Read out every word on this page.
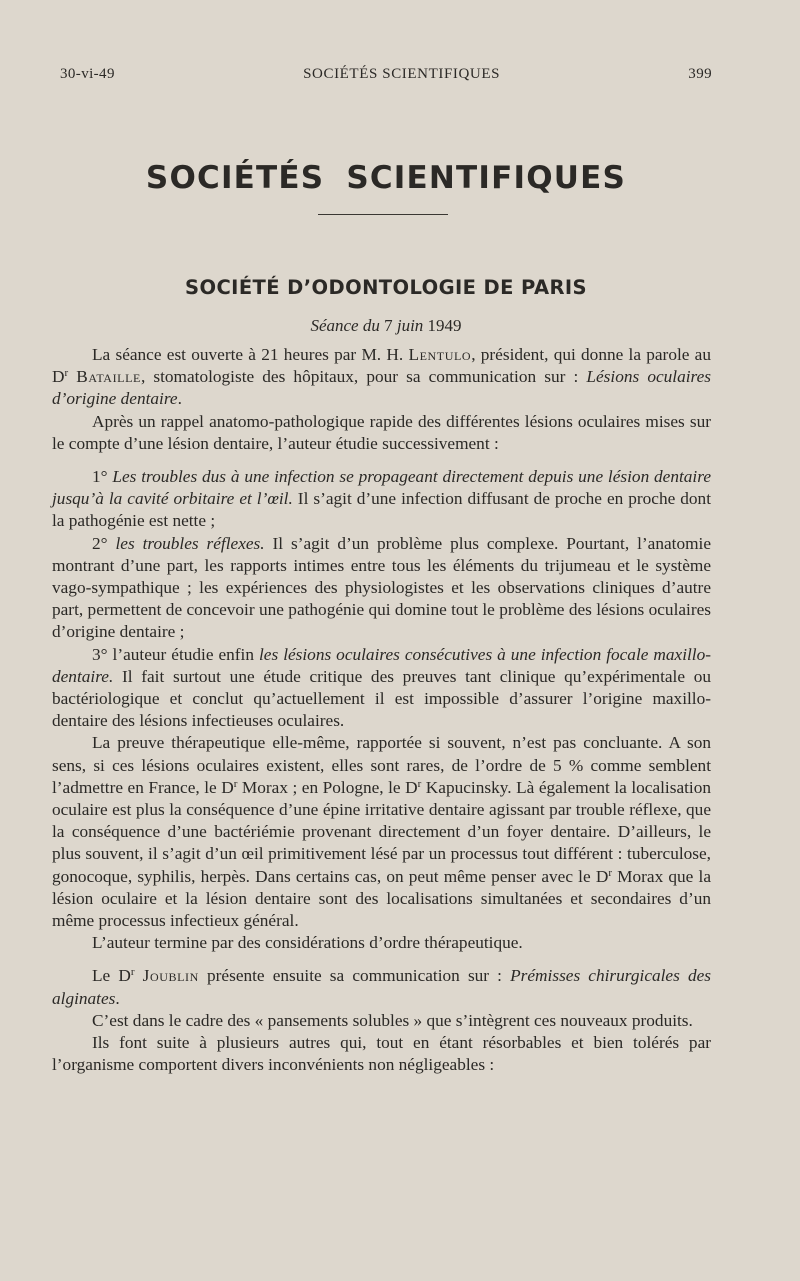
30-vi-49	SOCIÉTÉS SCIENTIFIQUES	399
SOCIÉTÉS SCIENTIFIQUES
SOCIÉTÉ D’ODONTOLOGIE DE PARIS
Séance du 7 juin 1949

La séance est ouverte à 21 heures par M. H. Lentulo, président, qui donne la parole au $D^r$ Bataille, stomatologiste des hôpitaux, pour sa communication sur : Lésions oculaires d’origine dentaire.

Après un rappel anatomo-pathologique rapide des différentes lésions oculaires mises sur le compte d’une lésion dentaire, l’auteur étudie successivement :

1° Les troubles dus à une infection se propageant directement depuis une lésion dentaire jusqu’à la cavité orbitaire et l’œil. Il s’agit d’une infection diffusant de proche en proche dont la pathogénie est nette ;

2° les troubles réflexes. Il s’agit d’un problème plus complexe. Pourtant, l’anatomie montrant d’une part, les rapports intimes entre tous les éléments du trijumeau et le système vago-sympathique ; les expériences des physiologistes et les observations cliniques d’autre part, permettent de concevoir une pathogénie qui domine tout le problème des lésions oculaires d’origine dentaire ;

3° l’auteur étudie enfin les lésions oculaires consécutives à une infection focale maxillo-dentaire. Il fait surtout une étude critique des preuves tant clinique qu’expérimentale ou bactériologique et conclut qu’actuellement il est impossible d’assurer l’origine maxillo-dentaire des lésions infectieuses oculaires.

La preuve thérapeutique elle-même, rapportée si souvent, n’est pas concluante. A son sens, si ces lésions oculaires existent, elles sont rares, de l’ordre de 5 % comme semblent l’admettre en France, le $D^r$ Morax ; en Pologne, le $D^r$ Kapucinsky. Là également la localisation oculaire est plus la conséquence d’une épine irritative dentaire agissant par trouble réflexe, que la conséquence d’une bactériémie provenant directement d’un foyer dentaire. D’ailleurs, le plus souvent, il s’agit d’un œil primitivement lésé par un processus tout différent : tuberculose, gonocoque, syphilis, herpès. Dans certains cas, on peut même penser avec le $D^r$ Morax que la lésion oculaire et la lésion dentaire sont des localisations simultanées et secondaires d’un même processus infectieux général.

L’auteur termine par des considérations d’ordre thérapeutique.

Le $D^r$ Joublin présente ensuite sa communication sur : Prémisses chirurgicales des alginates.

C’est dans le cadre des « pansements solubles » que s’intègrent ces nouveaux produits.

Ils font suite à plusieurs autres qui, tout en étant résorbables et bien tolérés par l’organisme comportent divers inconvénients non négligeables :
